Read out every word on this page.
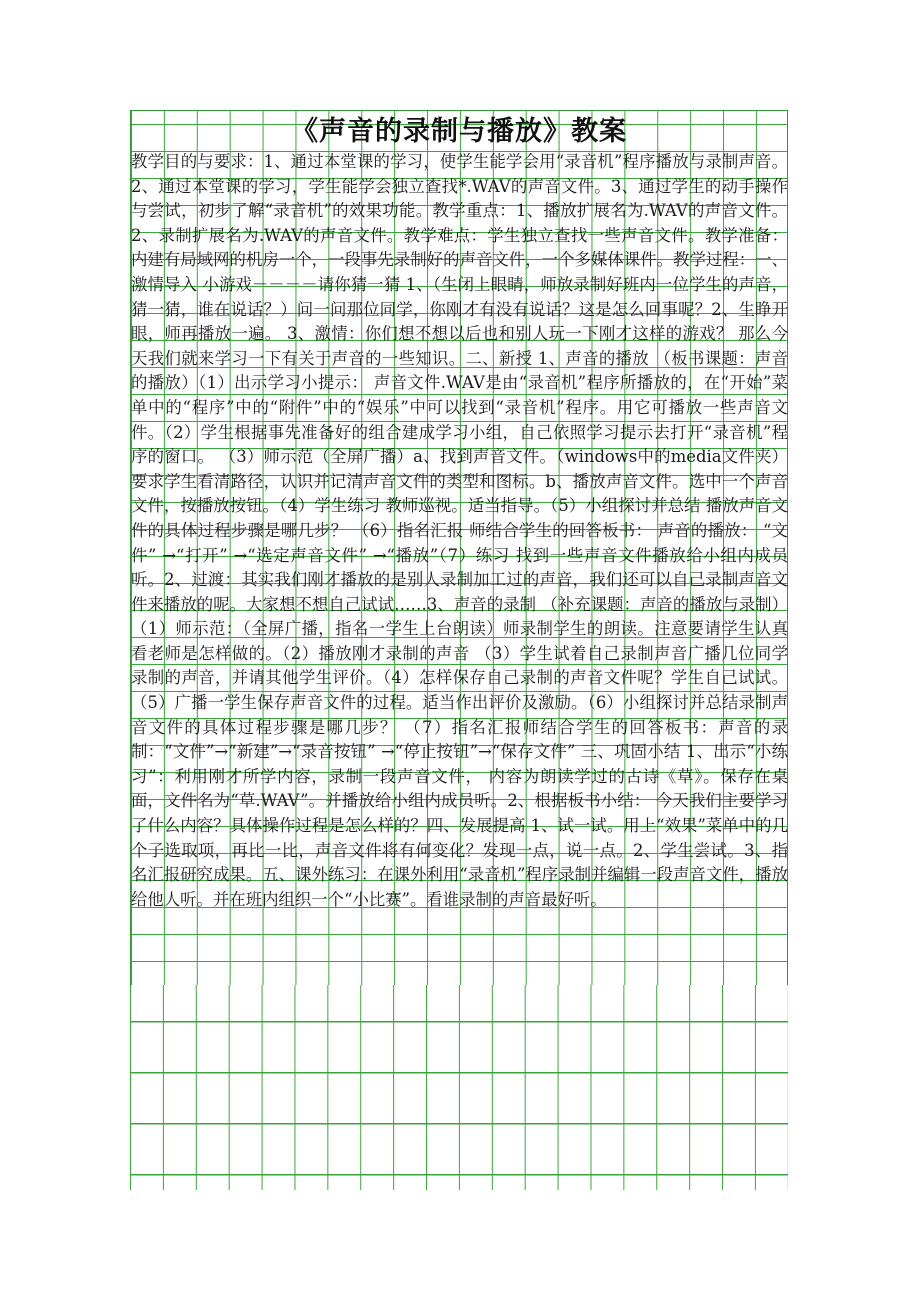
《声音的录制与播放》教案

教学目的与要求：1、通过本堂课的学习，使学生能学会用“录音机”程序播放与录制声音。2、通过本堂课的学习，学生能学会独立查找*.WAV的声音文件。3、通过学生的动手操作与尝试，初步了解“录音机”的效果功能。教学重点：1、播放扩展名为.WAV的声音文件。2、录制扩展名为.WAV的声音文件。教学难点：学生独立查找一些声音文件。教学准备：内建有局域网的机房一个，一段事先录制好的声音文件，一个多媒体课件。教学过程：一、激情导入 小游戏－－－－请你猜一猜 1、（生闭上眼睛，师放录制好班内一位学生的声音，猜一猜，谁在说话？）问一问那位同学，你刚才有没有说话？这是怎么回事呢？2、生睁开眼，师再播放一遍。 3、激情：你们想不想以后也和别人玩一下刚才这样的游戏？ 那么今天我们就来学习一下有关于声音的一些知识。二、新授 1、声音的播放 （板书课题：声音的播放）（1）出示学习小提示： 声音文件.WAV是由“录音机”程序所播放的，在“开始”菜单中的“程序”中的“附件”中的“娱乐”中可以找到“录音机”程序。用它可播放一些声音文件。（2）学生根据事先准备好的组合建成学习小组，自己依照学习提示去打开“录音机”程序的窗口。 （3）师示范（全屏广播）a、找到声音文件。（windows中的media文件夹）要求学生看清路径，认识并记清声音文件的类型和图标。b、播放声音文件。选中一个声音文件，按播放按钮。（4）学生练习 教师巡视。适当指导。（5）小组探讨并总结 播放声音文件的具体过程步骤是哪几步？ （6）指名汇报 师结合学生的回答板书： 声音的播放： “文件” →“打开” →“选定声音文件” →“播放”（7）练习 找到一些声音文件播放给小组内成员听。2、过渡：其实我们刚才播放的是别人录制加工过的声音，我们还可以自己录制声音文件来播放的呢。大家想不想自己试试……3、声音的录制 （补充课题：声音的播放与录制） （1）师示范：（全屏广播，指名一学生上台朗读）师录制学生的朗读。注意要请学生认真看老师是怎样做的。（2）播放刚才录制的声音 （3）学生试着自己录制声音广播几位同学录制的声音，并请其他学生评价。（4）怎样保存自己录制的声音文件呢？学生自己试试。 （5）广播一学生保存声音文件的过程。适当作出评价及激励。（6）小组探讨并总结录制声音文件的具体过程步骤是哪几步？ （7）指名汇报师结合学生的回答板书：声音的录制：“文件”→“新建”→“录音按钮” →“停止按钮”→“保存文件” 三、巩固小结 1、出示“小练习”：利用刚才所学内容，录制一段声音文件， 内容为朗读学过的古诗《草》。保存在桌面，文件名为“草.WAV”。并播放给小组内成员听。2、根据板书小结： 今天我们主要学习了什么内容？具体操作过程是怎么样的？四、发展提高 1、试一试。用上“效果”菜单中的几个子选取项，再比一比，声音文件将有何变化？发现一点，说一点。2、学生尝试。3、指名汇报研究成果。五、课外练习：在课外利用“录音机”程序录制并编辑一段声音文件，播放给他人听。并在班内组织一个“小比赛”。看谁录制的声音最好听。
